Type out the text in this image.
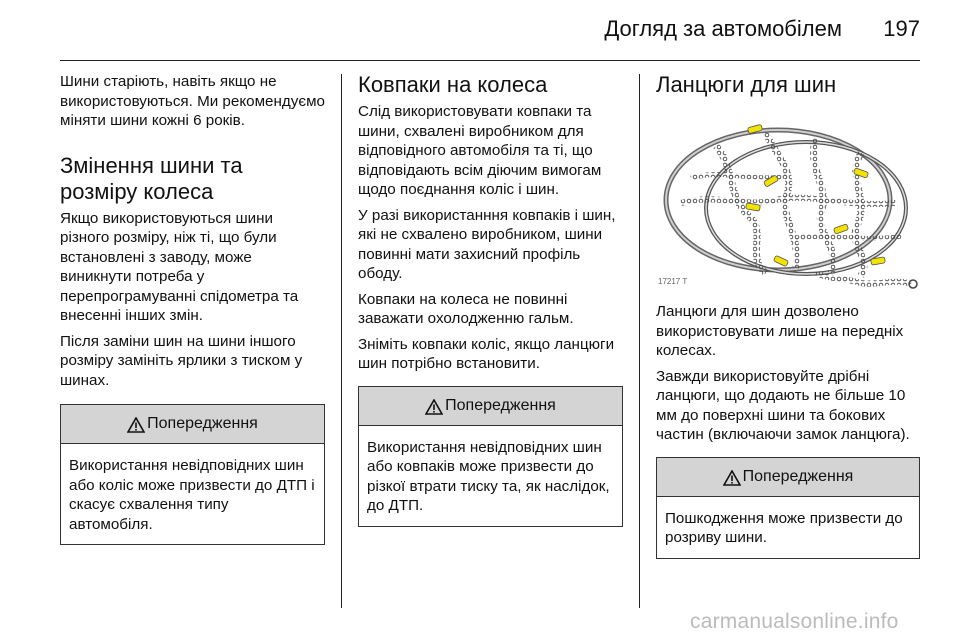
Догляд за автомобілем 197

Шини старіють, навіть якщо не використовуються. Ми рекомендуємо міняти шини кожні 6 років.

Змінення шини та розміру колеса

Якщо використовуються шини різного розміру, ніж ті, що були встановлені з заводу, може виникнути потреба у перепрограмуванні спідометра та внесенні інших змін.

Після заміни шин на шини іншого розміру замініть ярлики з тиском у шинах.

Попередження

Використання невідповідних шин або коліс може призвести до ДТП і скасує схвалення типу автомобіля.

Ковпаки на колеса

Слід використовувати ковпаки та шини, схвалені виробником для відповідного автомобіля та ті, що відповідають всім діючим вимогам щодо поєднання коліс і шин.

У разі використанння ковпаків і шин, які не схвалено виробником, шини повинні мати захисний профіль ободу.

Ковпаки на колеса не повинні заважати охолодженню гальм.

Зніміть ковпаки коліс, якщо ланцюги шин потрібно встановити.

Попередження

Використання невідповідних шин або ковпаків може призвести до різкої втрати тиску та, як наслідок, до ДТП.

Ланцюги для шин
17217 T

Ланцюги для шин дозволено використовувати лише на передніх колесах.

Завжди використовуйте дрібні ланцюги, що додають не більше 10 мм до поверхні шини та бокових частин (включаючи замок ланцюга).

Попередження

Пошкодження може призвести до розриву шини.

carmanualsonline.info
